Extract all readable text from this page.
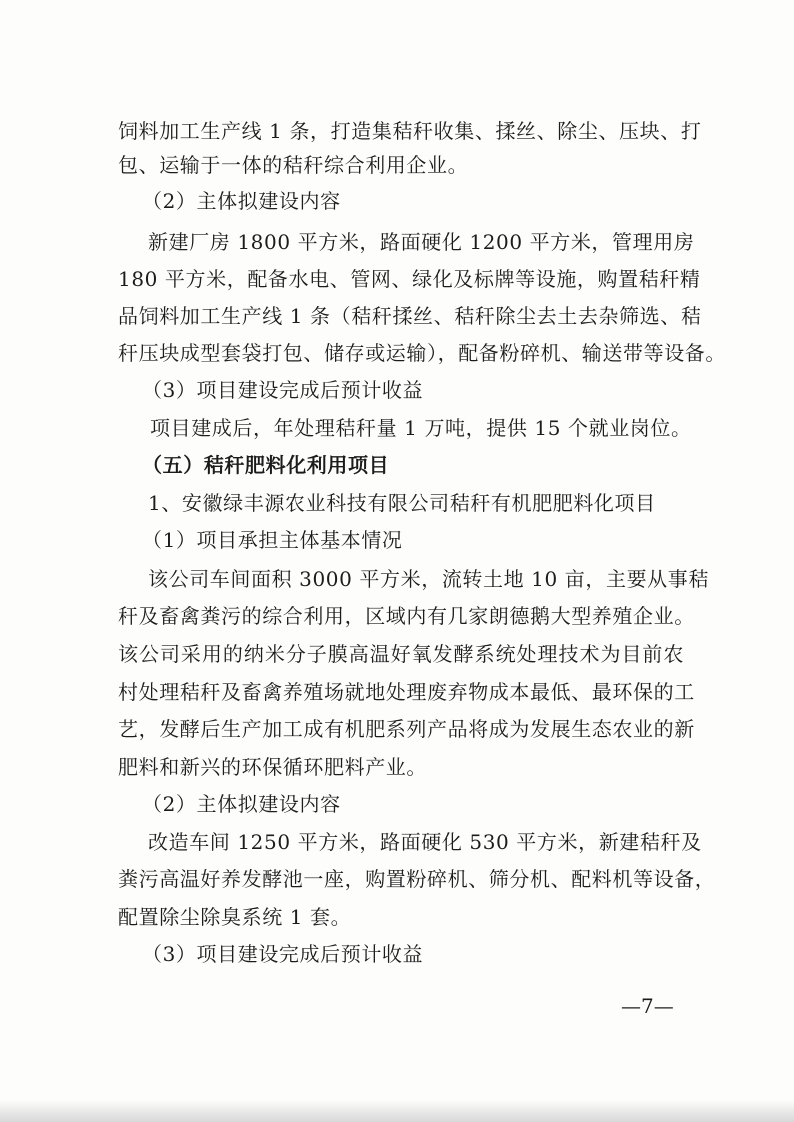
饲料加工生产线 1 条，打造集秸秆收集、揉丝、除尘、压块、打
包、运输于一体的秸秆综合利用企业。
（2）主体拟建设内容
新建厂房 1800 平方米，路面硬化 1200 平方米，管理用房
180 平方米，配备水电、管网、绿化及标牌等设施，购置秸秆精
品饲料加工生产线 1 条（秸秆揉丝、秸秆除尘去土去杂筛选、秸
秆压块成型套袋打包、储存或运输），配备粉碎机、输送带等设备。
（3）项目建设完成后预计收益
项目建成后，年处理秸秆量 1 万吨，提供 15 个就业岗位。
（五）秸秆肥料化利用项目
1、安徽绿丰源农业科技有限公司秸秆有机肥肥料化项目
（1）项目承担主体基本情况
该公司车间面积 3000 平方米，流转土地 10 亩，主要从事秸
秆及畜禽粪污的综合利用，区域内有几家朗德鹅大型养殖企业。
该公司采用的纳米分子膜高温好氧发酵系统处理技术为目前农
村处理秸秆及畜禽养殖场就地处理废弃物成本最低、最环保的工
艺，发酵后生产加工成有机肥系列产品将成为发展生态农业的新
肥料和新兴的环保循环肥料产业。
（2）主体拟建设内容
改造车间 1250 平方米，路面硬化 530 平方米，新建秸秆及
粪污高温好养发酵池一座，购置粉碎机、筛分机、配料机等设备，
配置除尘除臭系统 1 套。
（3）项目建设完成后预计收益
—7—
